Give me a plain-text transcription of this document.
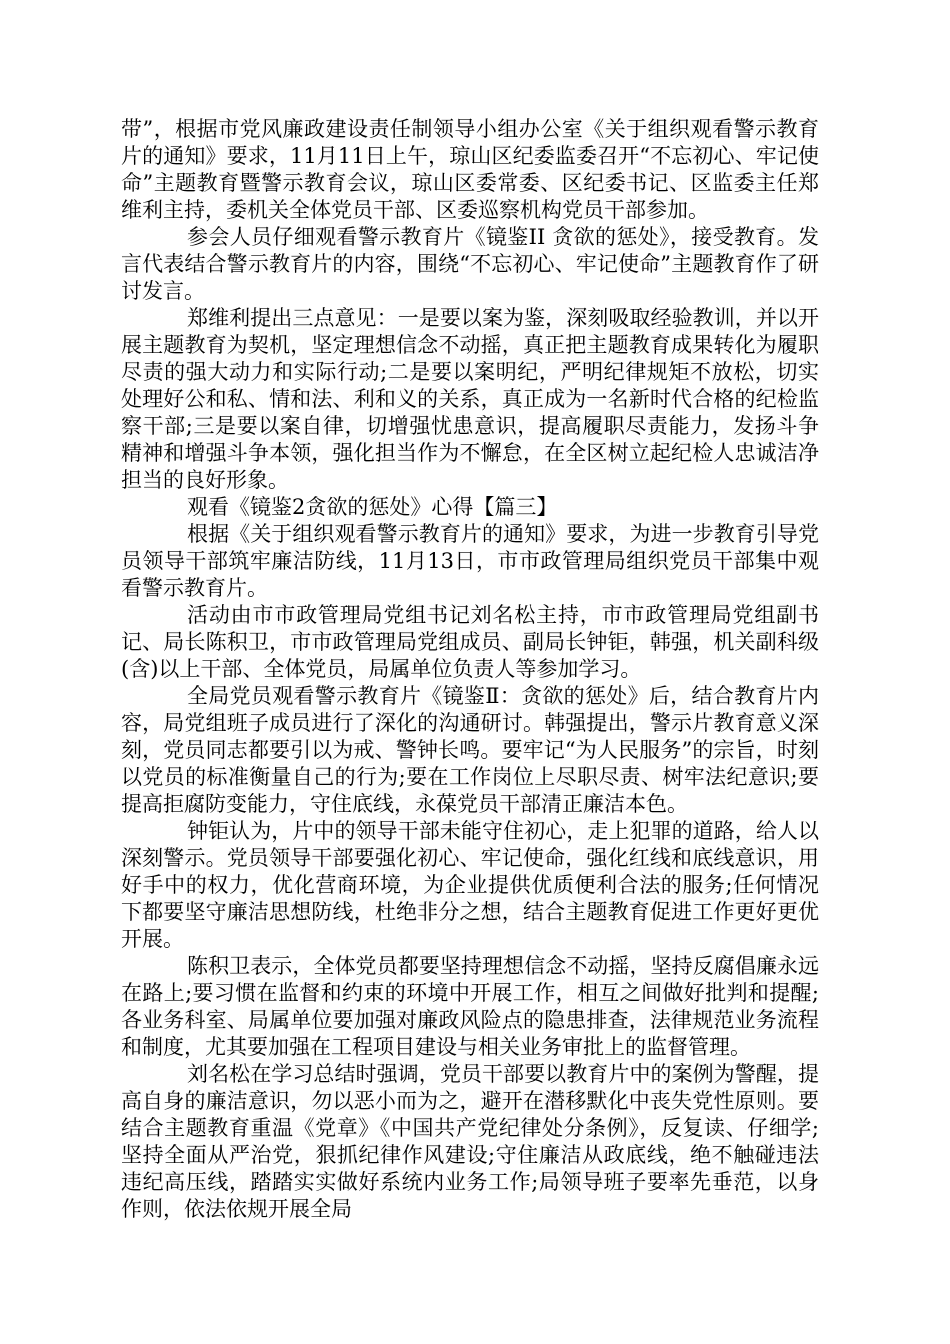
带”，根据市党风廉政建设责任制领导小组办公室《关于组织观看警示教育片的通知》要求，11月11日上午，琼山区纪委监委召开“不忘初心、牢记使命”主题教育暨警示教育会议，琼山区委常委、区纪委书记、区监委主任郑维利主持，委机关全体党员干部、区委巡察机构党员干部参加。

参会人员仔细观看警示教育片《镜鉴II 贪欲的惩处》，接受教育。发言代表结合警示教育片的内容，围绕“不忘初心、牢记使命”主题教育作了研讨发言。

郑维利提出三点意见：一是要以案为鉴，深刻吸取经验教训，并以开展主题教育为契机，坚定理想信念不动摇，真正把主题教育成果转化为履职尽责的强大动力和实际行动;二是要以案明纪，严明纪律规矩不放松，切实处理好公和私、情和法、利和义的关系，真正成为一名新时代合格的纪检监察干部;三是要以案自律，切增强忧患意识，提高履职尽责能力，发扬斗争精神和增强斗争本领，强化担当作为不懈怠，在全区树立起纪检人忠诚洁净担当的良好形象。

观看《镜鉴2贪欲的惩处》心得【篇三】

根据《关于组织观看警示教育片的通知》要求，为进一步教育引导党员领导干部筑牢廉洁防线，11月13日，市市政管理局组织党员干部集中观看警示教育片。

活动由市市政管理局党组书记刘名松主持，市市政管理局党组副书记、局长陈积卫，市市政管理局党组成员、副局长钟钜，韩强，机关副科级(含)以上干部、全体党员，局属单位负责人等参加学习。

全局党员观看警示教育片《镜鉴Ⅱ：贪欲的惩处》后，结合教育片内容，局党组班子成员进行了深化的沟通研讨。韩强提出，警示片教育意义深刻，党员同志都要引以为戒、警钟长鸣。要牢记“为人民服务”的宗旨，时刻以党员的标准衡量自己的行为;要在工作岗位上尽职尽责、树牢法纪意识;要提高拒腐防变能力，守住底线，永葆党员干部清正廉洁本色。

钟钜认为，片中的领导干部未能守住初心，走上犯罪的道路，给人以深刻警示。党员领导干部要强化初心、牢记使命，强化红线和底线意识，用好手中的权力，优化营商环境，为企业提供优质便利合法的服务;任何情况下都要坚守廉洁思想防线，杜绝非分之想，结合主题教育促进工作更好更优开展。

陈积卫表示，全体党员都要坚持理想信念不动摇，坚持反腐倡廉永远在路上;要习惯在监督和约束的环境中开展工作，相互之间做好批判和提醒;各业务科室、局属单位要加强对廉政风险点的隐患排查，法律规范业务流程和制度，尤其要加强在工程项目建设与相关业务审批上的监督管理。

刘名松在学习总结时强调，党员干部要以教育片中的案例为警醒，提高自身的廉洁意识，勿以恶小而为之，避开在潜移默化中丧失党性原则。要结合主题教育重温《党章》《中国共产党纪律处分条例》，反复读、仔细学;坚持全面从严治党，狠抓纪律作风建设;守住廉洁从政底线，绝不触碰违法违纪高压线，踏踏实实做好系统内业务工作;局领导班子要率先垂范，以身作则，依法依规开展全局
